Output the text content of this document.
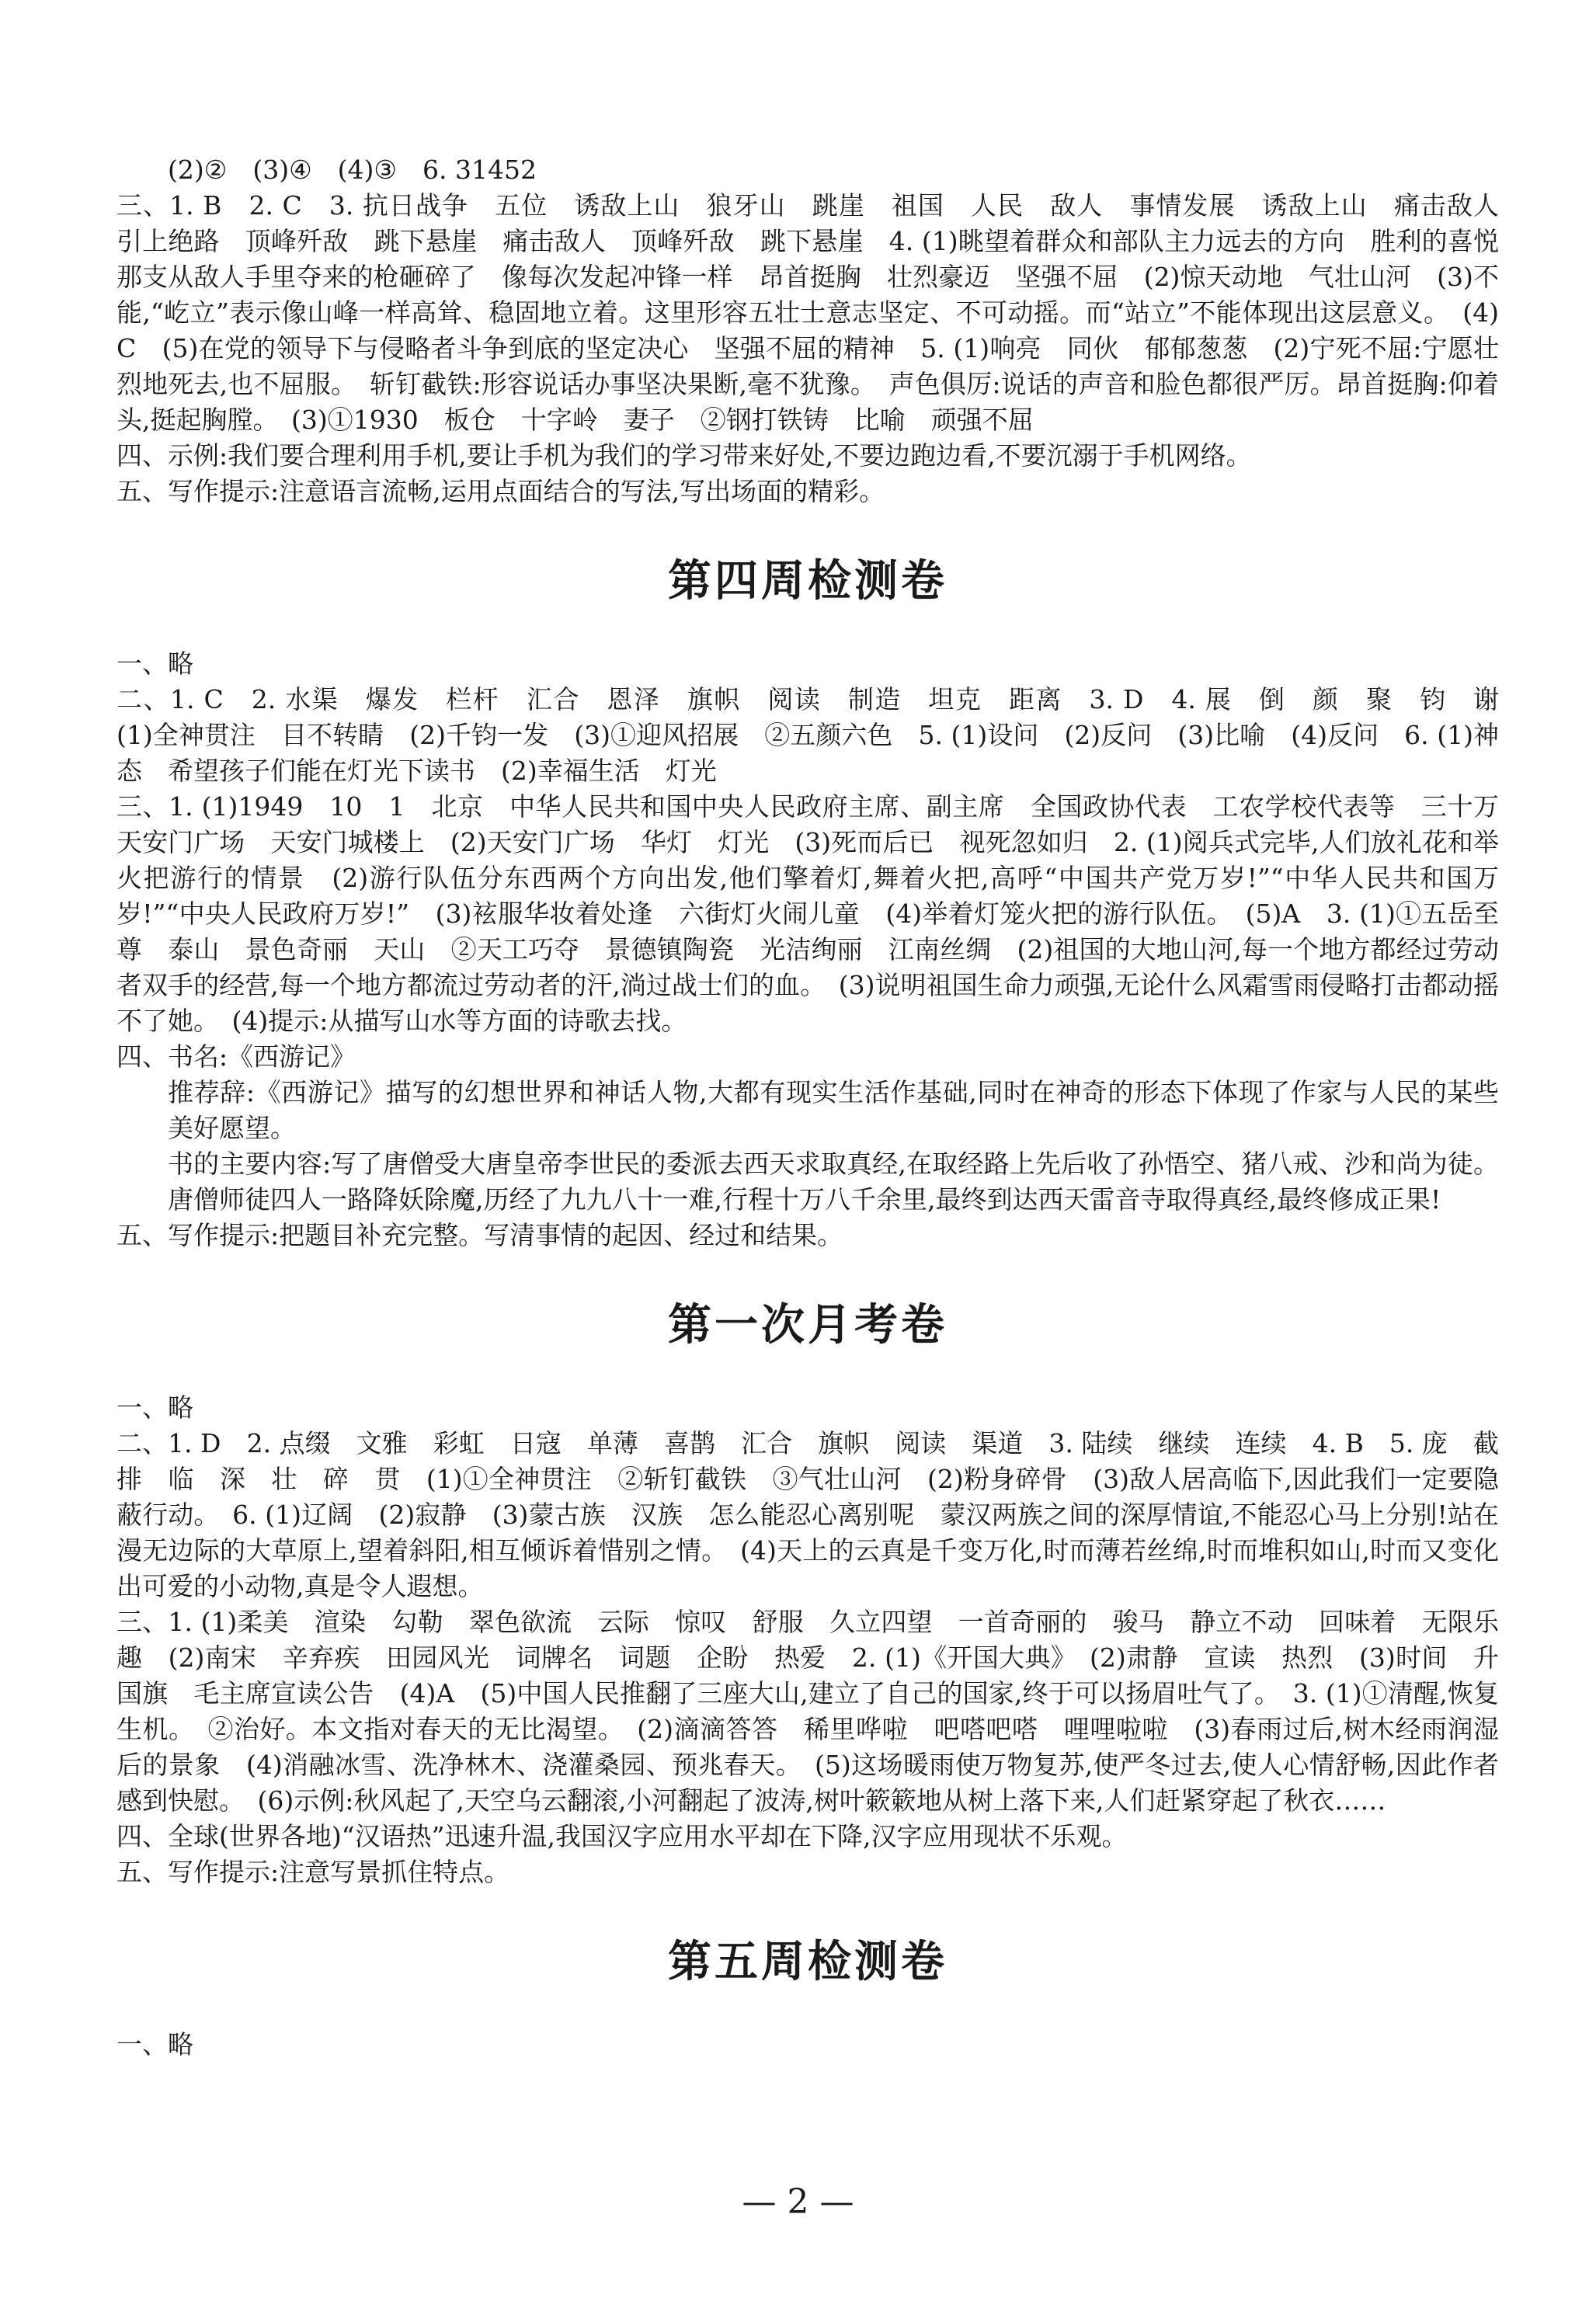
(2)②　(3)④　(4)③　6. 31452

三、1. B　2. C　3. 抗日战争　五位　诱敌上山　狼牙山　跳崖　祖国　人民　敌人　事情发展　诱敌上山　痛击敌人　引上绝路　顶峰歼敌　跳下悬崖　痛击敌人　顶峰歼敌　跳下悬崖　4. (1)眺望着群众和部队主力远去的方向　胜利的喜悦　那支从敌人手里夺来的枪砸碎了　像每次发起冲锋一样　昂首挺胸　壮烈豪迈　坚强不屈　(2)惊天动地　气壮山河　(3)不能,“屹立”表示像山峰一样高耸、稳固地立着。这里形容五壮士意志坚定、不可动摇。而“站立”不能体现出这层意义。　(4)C　(5)在党的领导下与侵略者斗争到底的坚定决心　坚强不屈的精神　5. (1)响亮　同伙　郁郁葱葱　(2)宁死不屈:宁愿壮烈地死去,也不屈服。　斩钉截铁:形容说话办事坚决果断,毫不犹豫。　声色俱厉:说话的声音和脸色都很严厉。昂首挺胸:仰着头,挺起胸膛。　(3)①1930　板仓　十字岭　妻子　②钢打铁铸　比喻　顽强不屈

四、示例:我们要合理利用手机,要让手机为我们的学习带来好处,不要边跑边看,不要沉溺于手机网络。

五、写作提示:注意语言流畅,运用点面结合的写法,写出场面的精彩。

第四周检测卷

一、略

二、1. C　2. 水渠　爆发　栏杆　汇合　恩泽　旗帜　阅读　制造　坦克　距离　3. D　4. 展　倒　颜　聚　钧　谢　(1)全神贯注　目不转睛　(2)千钧一发　(3)①迎风招展　②五颜六色　5. (1)设问　(2)反问　(3)比喻　(4)反问　6. (1)神态　希望孩子们能在灯光下读书　(2)幸福生活　灯光

三、1. (1)1949　10　1　北京　中华人民共和国中央人民政府主席、副主席　全国政协代表　工农学校代表等　三十万　天安门广场　天安门城楼上　(2)天安门广场　华灯　灯光　(3)死而后已　视死忽如归　2. (1)阅兵式完毕,人们放礼花和举火把游行的情景　(2)游行队伍分东西两个方向出发,他们擎着灯,舞着火把,高呼“中国共产党万岁!”“中华人民共和国万岁!”“中央人民政府万岁!”　(3)袨服华妆着处逢　六街灯火闹儿童　(4)举着灯笼火把的游行队伍。　(5)A　3. (1)①五岳至尊　泰山　景色奇丽　天山　②天工巧夺　景德镇陶瓷　光洁绚丽　江南丝绸　(2)祖国的大地山河,每一个地方都经过劳动者双手的经营,每一个地方都流过劳动者的汗,淌过战士们的血。　(3)说明祖国生命力顽强,无论什么风霜雪雨侵略打击都动摇不了她。　(4)提示:从描写山水等方面的诗歌去找。

四、书名:《西游记》

推荐辞:《西游记》描写的幻想世界和神话人物,大都有现实生活作基础,同时在神奇的形态下体现了作家与人民的某些美好愿望。

书的主要内容:写了唐僧受大唐皇帝李世民的委派去西天求取真经,在取经路上先后收了孙悟空、猪八戒、沙和尚为徒。唐僧师徒四人一路降妖除魔,历经了九九八十一难,行程十万八千余里,最终到达西天雷音寺取得真经,最终修成正果!

五、写作提示:把题目补充完整。写清事情的起因、经过和结果。

第一次月考卷

一、略

二、1. D　2. 点缀　文雅　彩虹　日寇　单薄　喜鹊　汇合　旗帜　阅读　渠道　3. 陆续　继续　连续　4. B　5. 庞　截　排　临　深　壮　碎　贯　(1)①全神贯注　②斩钉截铁　③气壮山河　(2)粉身碎骨　(3)敌人居高临下,因此我们一定要隐蔽行动。　6. (1)辽阔　(2)寂静　(3)蒙古族　汉族　怎么能忍心离别呢　蒙汉两族之间的深厚情谊,不能忍心马上分别!站在漫无边际的大草原上,望着斜阳,相互倾诉着惜别之情。　(4)天上的云真是千变万化,时而薄若丝绵,时而堆积如山,时而又变化出可爱的小动物,真是令人遐想。

三、1. (1)柔美　渲染　勾勒　翠色欲流　云际　惊叹　舒服　久立四望　一首奇丽的　骏马　静立不动　回味着　无限乐趣　(2)南宋　辛弃疾　田园风光　词牌名　词题　企盼　热爱　2. (1)《开国大典》　(2)肃静　宣读　热烈　(3)时间　升国旗　毛主席宣读公告　(4)A　(5)中国人民推翻了三座大山,建立了自己的国家,终于可以扬眉吐气了。　3. (1)①清醒,恢复生机。　②治好。本文指对春天的无比渴望。　(2)滴滴答答　稀里哗啦　吧嗒吧嗒　哩哩啦啦　(3)春雨过后,树木经雨润湿后的景象　(4)消融冰雪、洗净林木、浇灌桑园、预兆春天。　(5)这场暖雨使万物复苏,使严冬过去,使人心情舒畅,因此作者感到快慰。　(6)示例:秋风起了,天空乌云翻滚,小河翻起了波涛,树叶簌簌地从树上落下来,人们赶紧穿起了秋衣……

四、全球(世界各地)“汉语热”迅速升温,我国汉字应用水平却在下降,汉字应用现状不乐观。

五、写作提示:注意写景抓住特点。

第五周检测卷

一、略

— 2 —
